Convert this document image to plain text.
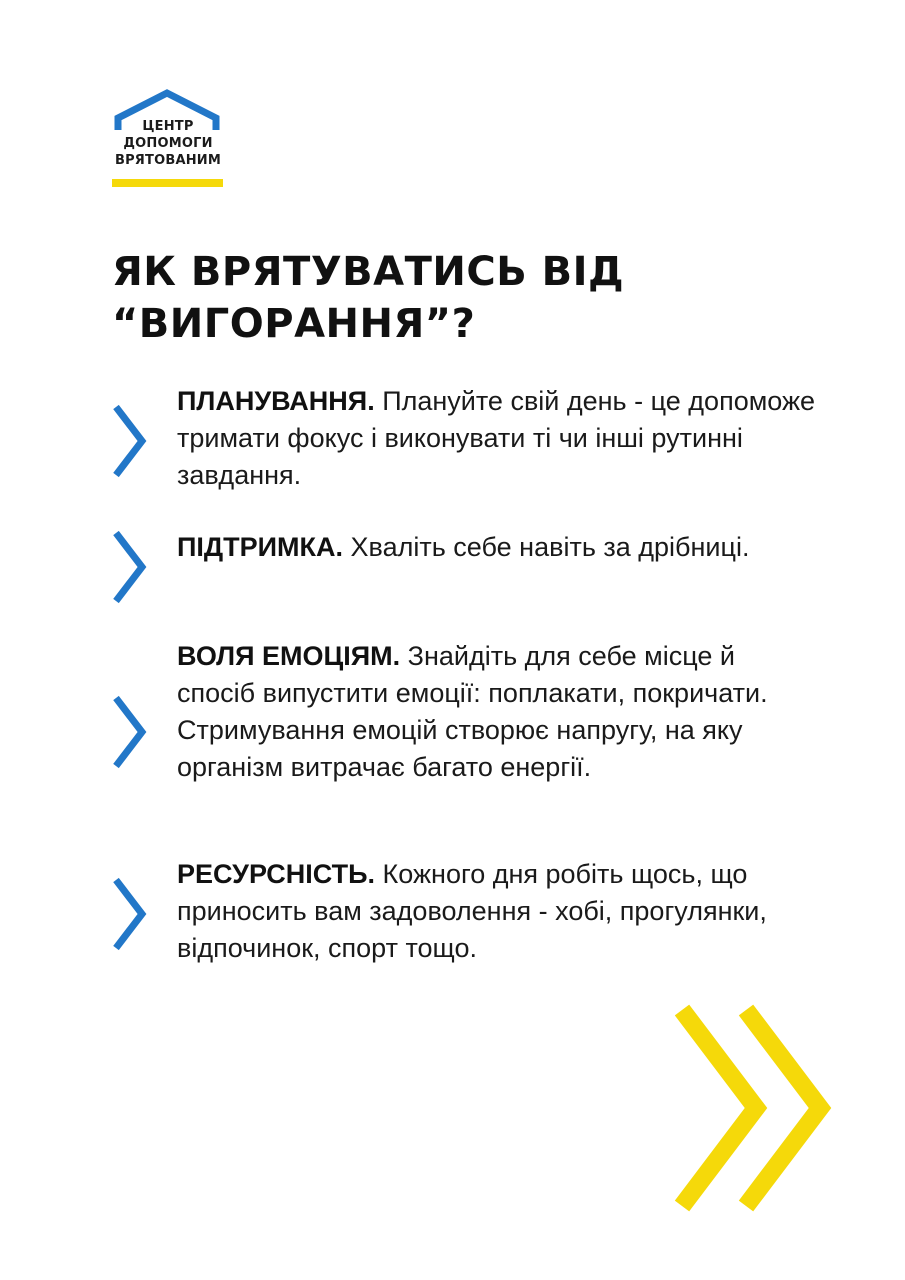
ЦЕНТР
ДОПОМОГИ
ВРЯТОВАНИМ
ЯК ВРЯТУВАТИСЬ ВІД
“ВИГОРАННЯ”?

ПЛАНУВАННЯ. Плануйте свій день - це допоможе тримати фокус і виконувати ті чи інші рутинні завдання.

ПІДТРИМКА. Хваліть себе навіть за дрібниці.

ВОЛЯ ЕМОЦІЯМ. Знайдіть для себе місце й спосіб випустити емоції: поплакати, покричати. Стримування емоцій створює напругу, на яку організм витрачає багато енергії.

РЕСУРСНІСТЬ. Кожного дня робіть щось, що приносить вам задоволення - хобі, прогулянки, відпочинок, спорт тощо.
